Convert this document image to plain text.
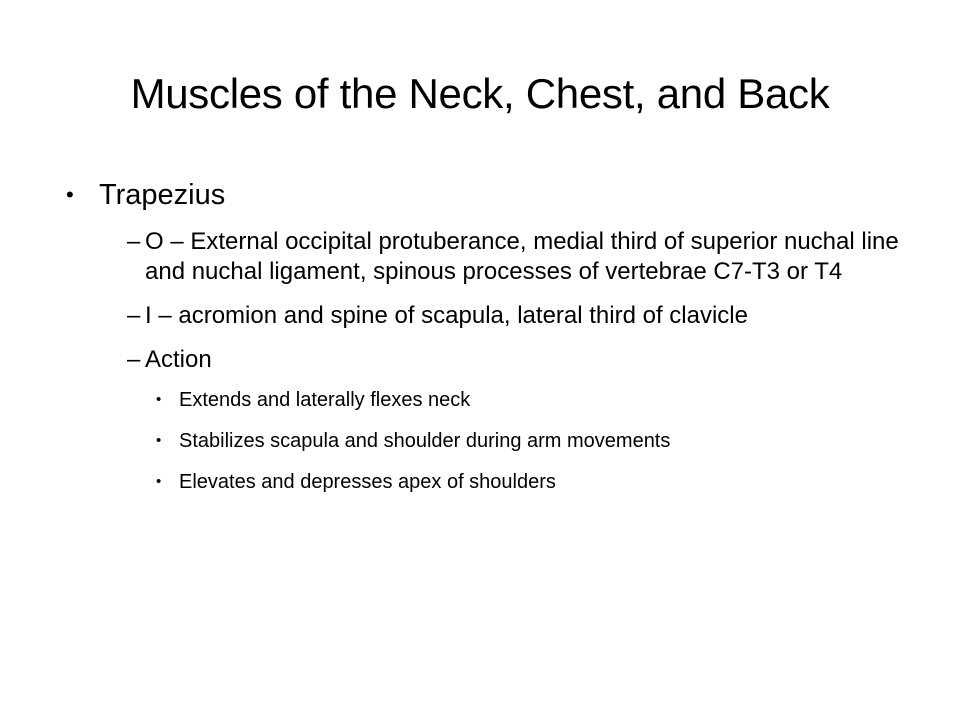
Muscles of the Neck, Chest, and Back
• Trapezius
– O – External occipital protuberance, medial third of superior nuchal line and nuchal ligament, spinous processes of vertebrae C7-T3 or T4
– I – acromion and spine of scapula, lateral third of clavicle
– Action
• Extends and laterally flexes neck
• Stabilizes scapula and shoulder during arm movements
• Elevates and depresses apex of shoulders
